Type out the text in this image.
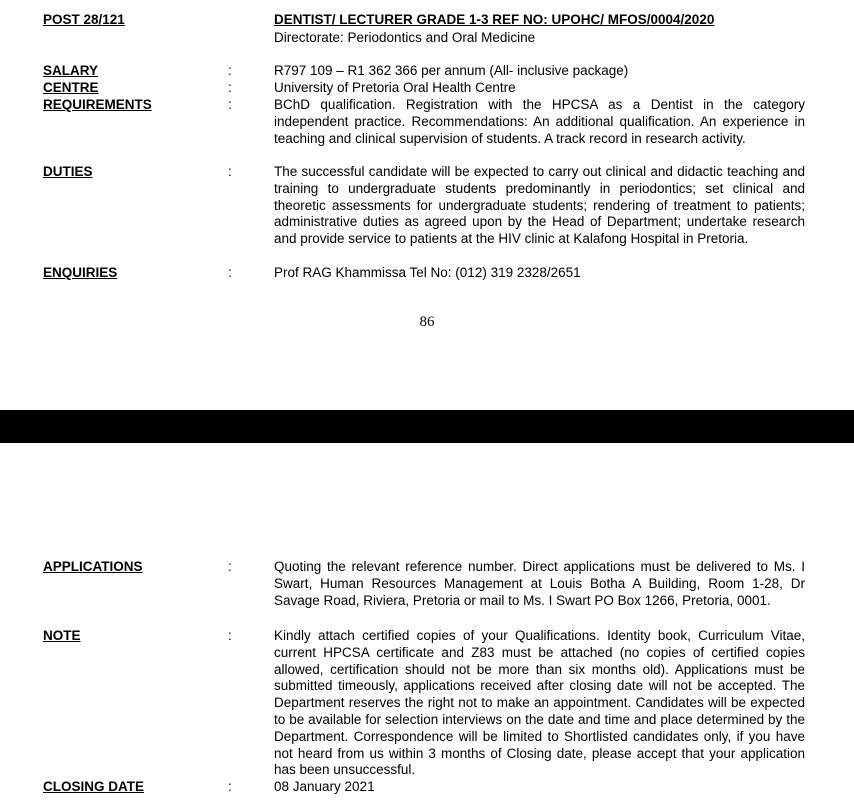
POST 28/121	DENTIST/ LECTURER GRADE 1-3 REF NO: UPOHC/ MFOS/0004/2020
Directorate: Periodontics and Oral Medicine
SALARY	:	R797 109 – R1 362 366 per annum (All- inclusive package)
CENTRE	:	University of Pretoria Oral Health Centre
REQUIREMENTS	:	BChD qualification. Registration with the HPCSA as a Dentist in the category independent practice. Recommendations: An additional qualification. An experience in teaching and clinical supervision of students. A track record in research activity.
DUTIES	:	The successful candidate will be expected to carry out clinical and didactic teaching and training to undergraduate students predominantly in periodontics; set clinical and theoretic assessments for undergraduate students; rendering of treatment to patients; administrative duties as agreed upon by the Head of Department; undertake research and provide service to patients at the HIV clinic at Kalafong Hospital in Pretoria.
ENQUIRIES	:	Prof RAG Khammissa Tel No: (012) 319 2328/2651
86
APPLICATIONS	:	Quoting the relevant reference number. Direct applications must be delivered to Ms. I Swart, Human Resources Management at Louis Botha A Building, Room 1-28, Dr Savage Road, Riviera, Pretoria or mail to Ms. I Swart PO Box 1266, Pretoria, 0001.
NOTE	:	Kindly attach certified copies of your Qualifications. Identity book, Curriculum Vitae, current HPCSA certificate and Z83 must be attached (no copies of certified copies allowed, certification should not be more than six months old). Applications must be submitted timeously, applications received after closing date will not be accepted. The Department reserves the right not to make an appointment. Candidates will be expected to be available for selection interviews on the date and time and place determined by the Department. Correspondence will be limited to Shortlisted candidates only, if you have not heard from us within 3 months of Closing date, please accept that your application has been unsuccessful.
CLOSING DATE	:	08 January 2021
